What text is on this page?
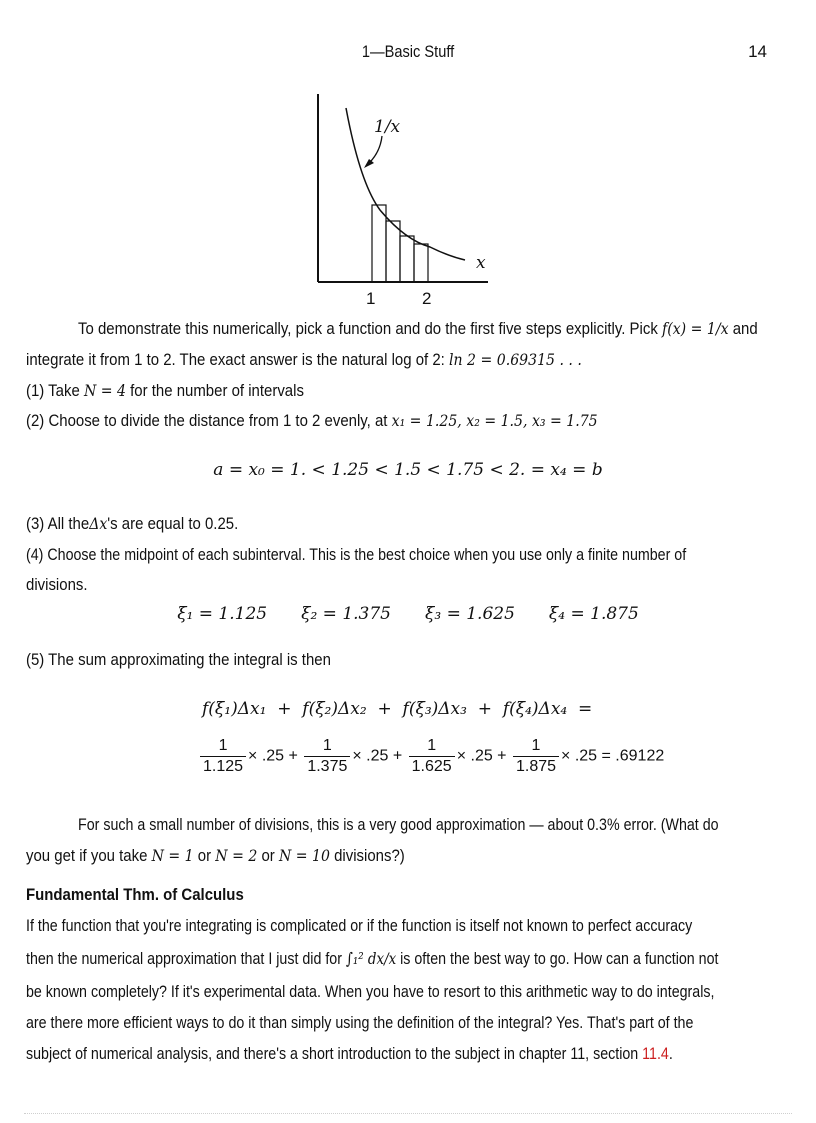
1—Basic Stuff	14
1/x
x
1	2
To demonstrate this numerically, pick a function and do the first five steps explicitly. Pick f(x) = 1/x and
integrate it from 1 to 2. The exact answer is the natural log of 2: ln 2 = 0.69315 . . .
(1) Take N = 4 for the number of intervals
(2) Choose to divide the distance from 1 to 2 evenly, at x₁ = 1.25, x₂ = 1.5, x₃ = 1.75
a = x₀ = 1. < 1.25 < 1.5 < 1.75 < 2. = x₄ = b
(3) All theΔx's are equal to 0.25.
(4) Choose the midpoint of each subinterval. This is the best choice when you use only a finite number of
divisions.
ξ₁ = 1.125 ξ₂ = 1.375 ξ₃ = 1.625 ξ₄ = 1.875
(5) The sum approximating the integral is then
f(ξ₁)Δx₁  +  f(ξ₂)Δx₂  +  f(ξ₃)Δx₃  +  f(ξ₄)Δx₄  =
$\frac{1}{1.125} \times .25 + \frac{1}{1.375} \times .25 + \frac{1}{1.625} \times .25 + \frac{1}{1.875} \times .25 = .69122$
For such a small number of divisions, this is a very good approximation — about 0.3% error. (What do
you get if you take N = 1 or N = 2 or N = 10 divisions?)
Fundamental Thm. of Calculus
If the function that you're integrating is complicated or if the function is itself not known to perfect accuracy
then the numerical approximation that I just did for ∫₁² dx/x is often the best way to go. How can a function not
be known completely? If it's experimental data. When you have to resort to this arithmetic way to do integrals,
are there more efficient ways to do it than simply using the definition of the integral? Yes. That's part of the
subject of numerical analysis, and there's a short introduction to the subject in chapter 11, section 11.4.
